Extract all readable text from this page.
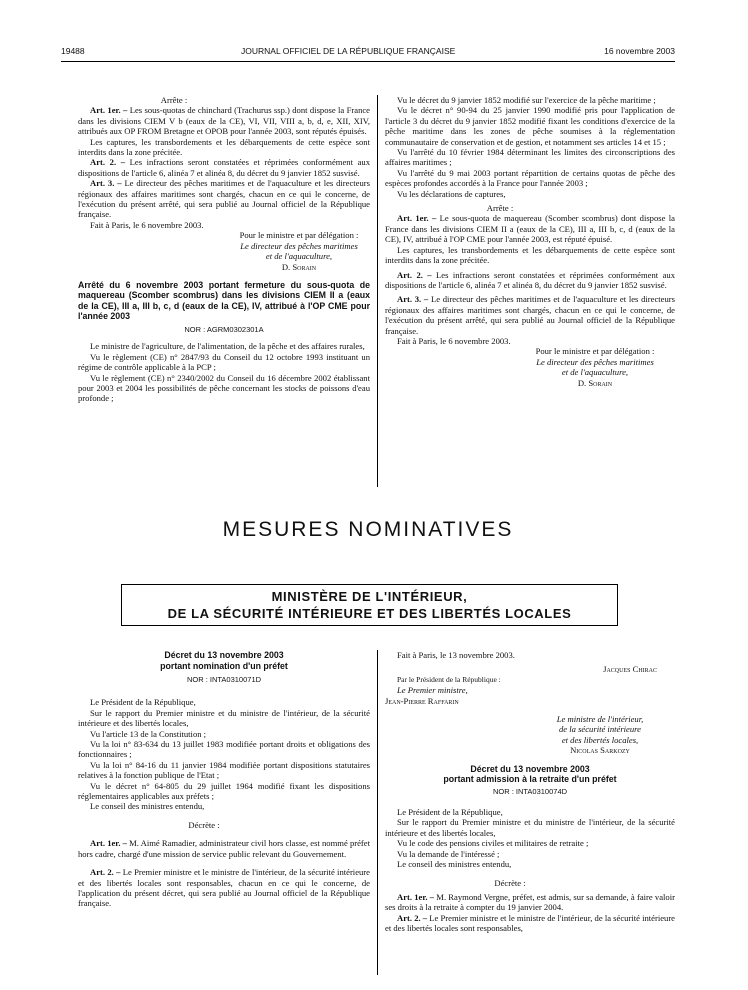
19488	JOURNAL OFFICIEL DE LA RÉPUBLIQUE FRANÇAISE	16 novembre 2003

Arrête :

Art. 1er. – Les sous-quotas de chinchard (Trachurus ssp.) dont dispose la France dans les divisions CIEM V b (eaux de la CE), VI, VII, VIII a, b, d, e, XII, XIV, attribués aux OP FROM Bretagne et OPOB pour l'année 2003, sont réputés épuisés.

Les captures, les transbordements et les débarquements de cette espèce sont interdits dans la zone précitée.

Art. 2. – Les infractions seront constatées et réprimées conformément aux dispositions de l'article 6, alinéa 7 et alinéa 8, du décret du 9 janvier 1852 susvisé.

Art. 3. – Le directeur des pêches maritimes et de l'aquaculture et les directeurs régionaux des affaires maritimes sont chargés, chacun en ce qui le concerne, de l'exécution du présent arrêté, qui sera publié au Journal officiel de la République française.

Fait à Paris, le 6 novembre 2003.

Pour le ministre et par délégation :

Le directeur des pêches maritimes

et de l'aquaculture,

D. Sorain

Arrêté du 6 novembre 2003 portant fermeture du sous-quota de maquereau (Scomber scombrus) dans les divisions CIEM II a (eaux de la CE), III a, III b, c, d (eaux de la CE), IV, attribué à l'OP CME pour l'année 2003

NOR : AGRM0302301A

Le ministre de l'agriculture, de l'alimentation, de la pêche et des affaires rurales,

Vu le règlement (CE) n° 2847/93 du Conseil du 12 octobre 1993 instituant un régime de contrôle applicable à la PCP ;

Vu le règlement (CE) n° 2340/2002 du Conseil du 16 décembre 2002 établissant pour 2003 et 2004 les possibilités de pêche concernant les stocks de poissons d'eau profonde ;

Vu le décret du 9 janvier 1852 modifié sur l'exercice de la pêche maritime ;

Vu le décret n° 90-94 du 25 janvier 1990 modifié pris pour l'application de l'article 3 du décret du 9 janvier 1852 modifié fixant les conditions d'exercice de la pêche maritime dans les zones de pêche soumises à la réglementation communautaire de conservation et de gestion, et notamment ses articles 14 et 15 ;

Vu l'arrêté du 10 février 1984 déterminant les limites des circonscriptions des affaires maritimes ;

Vu l'arrêté du 9 mai 2003 portant répartition de certains quotas de pêche des espèces profondes accordés à la France pour l'année 2003 ;

Vu les déclarations de captures,

Arrête :

Art. 1er. – Le sous-quota de maquereau (Scomber scombrus) dont dispose la France dans les divisions CIEM II a (eaux de la CE), III a, III b, c, d (eaux de la CE), IV, attribué à l'OP CME pour l'année 2003, est réputé épuisé.

Les captures, les transbordements et les débarquements de cette espèce sont interdits dans la zone précitée.

Art. 2. – Les infractions seront constatées et réprimées conformément aux dispositions de l'article 6, alinéa 7 et alinéa 8, du décret du 9 janvier 1852 susvisé.

Art. 3. – Le directeur des pêches maritimes et de l'aquaculture et les directeurs régionaux des affaires maritimes sont chargés, chacun en ce qui le concerne, de l'exécution du présent arrêté, qui sera publié au Journal officiel de la République française.

Fait à Paris, le 6 novembre 2003.

Pour le ministre et par délégation :

Le directeur des pêches maritimes

et de l'aquaculture,

D. Sorain

MESURES NOMINATIVES
MINISTÈRE DE L'INTÉRIEUR,
DE LA SÉCURITÉ INTÉRIEURE ET DES LIBERTÉS LOCALES

Décret du 13 novembre 2003

portant nomination d'un préfet

NOR : INTA0310071D

Le Président de la République,

Sur le rapport du Premier ministre et du ministre de l'intérieur, de la sécurité intérieure et des libertés locales,

Vu l'article 13 de la Constitution ;

Vu la loi n° 83-634 du 13 juillet 1983 modifiée portant droits et obligations des fonctionnaires ;

Vu la loi n° 84-16 du 11 janvier 1984 modifiée portant dispositions statutaires relatives à la fonction publique de l'Etat ;

Vu le décret n° 64-805 du 29 juillet 1964 modifié fixant les dispositions réglementaires applicables aux préfets ;

Le conseil des ministres entendu,

Décrète :

Art. 1er. – M. Aimé Ramadier, administrateur civil hors classe, est nommé préfet hors cadre, chargé d'une mission de service public relevant du Gouvernement.

Art. 2. – Le Premier ministre et le ministre de l'intérieur, de la sécurité intérieure et des libertés locales sont responsables, chacun en ce qui le concerne, de l'application du présent décret, qui sera publié au Journal officiel de la République française.

Fait à Paris, le 13 novembre 2003.

Jacques Chirac

Par le Président de la République :

Le Premier ministre,

Jean-Pierre Raffarin

Le ministre de l'intérieur,

de la sécurité intérieure

et des libertés locales,

Nicolas Sarkozy

Décret du 13 novembre 2003

portant admission à la retraite d'un préfet

NOR : INTA0310074D

Le Président de la République,

Sur le rapport du Premier ministre et du ministre de l'intérieur, de la sécurité intérieure et des libertés locales,

Vu le code des pensions civiles et militaires de retraite ;

Vu la demande de l'intéressé ;

Le conseil des ministres entendu,

Décrète :

Art. 1er. – M. Raymond Vergne, préfet, est admis, sur sa demande, à faire valoir ses droits à la retraite à compter du 19 janvier 2004.

Art. 2. – Le Premier ministre et le ministre de l'intérieur, de la sécurité intérieure et des libertés locales sont responsables,
